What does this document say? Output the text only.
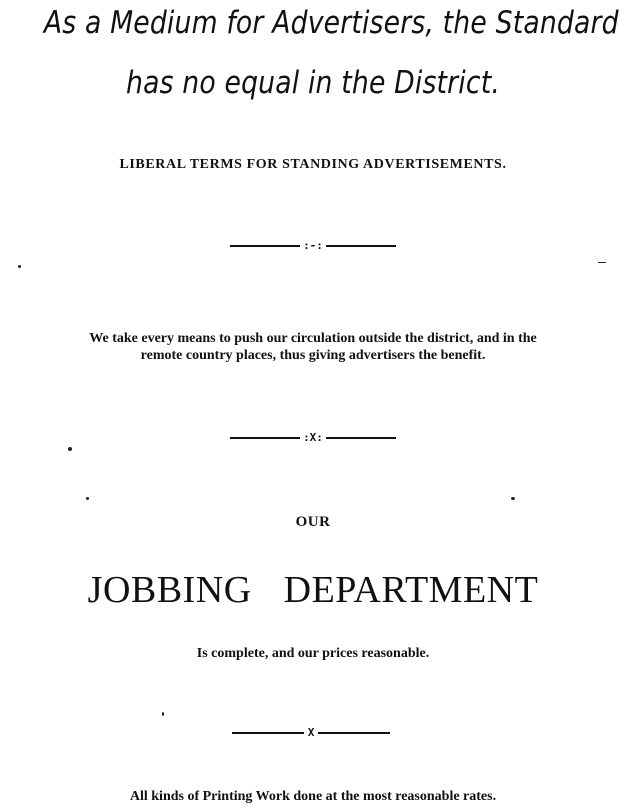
As a Medium for Advertisers, the Standard
has no equal in the District.
LIBERAL TERMS FOR STANDING ADVERTISEMENTS.
:-:
We take every means to push our circulation outside the district, and in the
remote country places, thus giving advertisers the benefit.
:X:
OUR
JOBBING DEPARTMENT
Is complete, and our prices reasonable.
X
All kinds of Printing Work done at the most reasonable rates.
